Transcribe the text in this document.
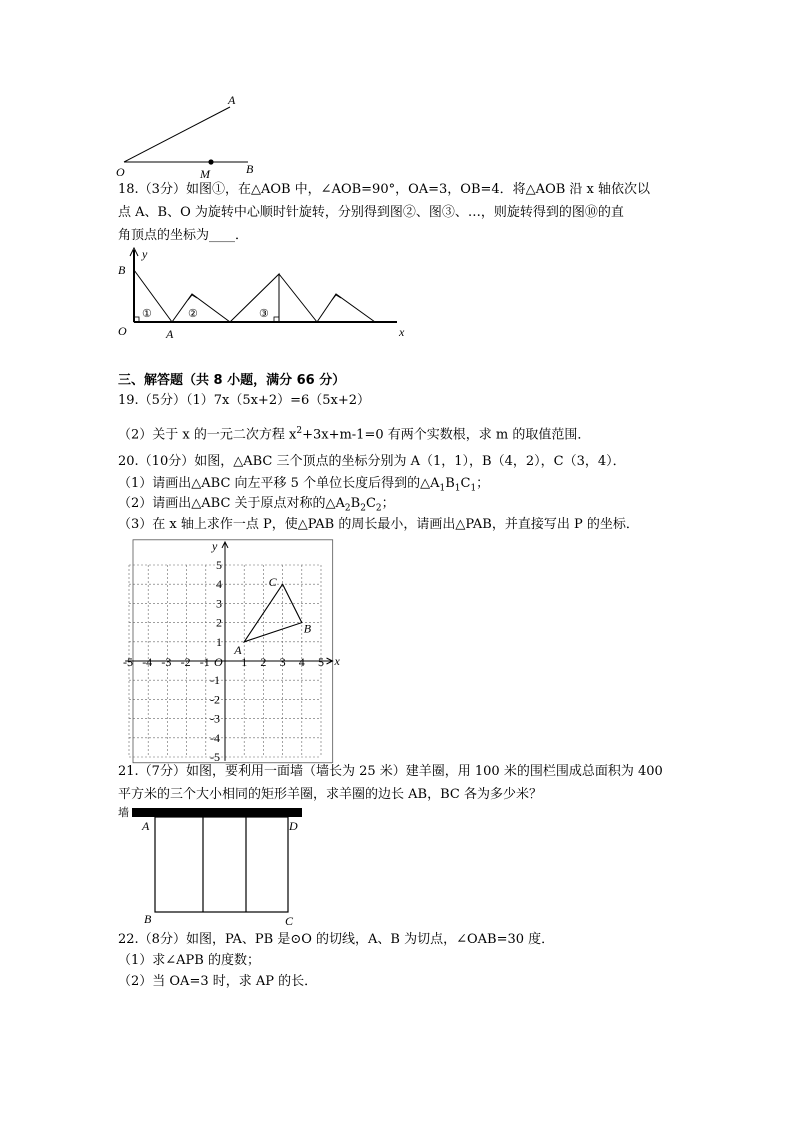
A
O	M	B
18.（3分）如图①，在△AOB 中，∠AOB=90°，OA=3，OB=4．将△AOB 沿 x 轴依次以
点 A、B、O 为旋转中心顺时针旋转，分别得到图②、图③、…，则旋转得到的图⑩的直
角顶点的坐标为____．
y
x
B
O	A
①	②	③
三、解答题（共 8 小题，满分 66 分）
19.（5分）（1）7x（5x+2）=6（5x+2）
（2）关于 x 的一元二次方程 $x^2+3x+m-1=0$ 有两个实数根，求 m 的取值范围．
20.（10分）如图，△ABC 三个顶点的坐标分别为 A（1，1），B（4，2），C（3，4）．
（1）请画出△ABC 向左平移 5 个单位长度后得到的$\triangle A_1B_1C_1$；
（2）请画出△ABC 关于原点对称的$\triangle A_2B_2C_2$；
（3）在 x 轴上求作一点 P，使△PAB 的周长最小，请画出△PAB，并直接写出 P 的坐标．
x
y
O
-5 -4 -3 -2 -1	1 2 3 4 5
5
4
3
2
1
-1
-2
-3
-4
-5
A
B
C
21.（7分）如图，要利用一面墙（墙长为 25 米）建羊圈，用 100 米的围栏围成总面积为 400
平方米的三个大小相同的矩形羊圈，求羊圈的边长 AB，BC 各为多少米？
墙
A	D
B	C
22.（8分）如图，PA、PB 是⊙O 的切线，A、B 为切点，∠OAB=30 度．
（1）求∠APB 的度数；
（2）当 OA=3 时，求 AP 的长．
